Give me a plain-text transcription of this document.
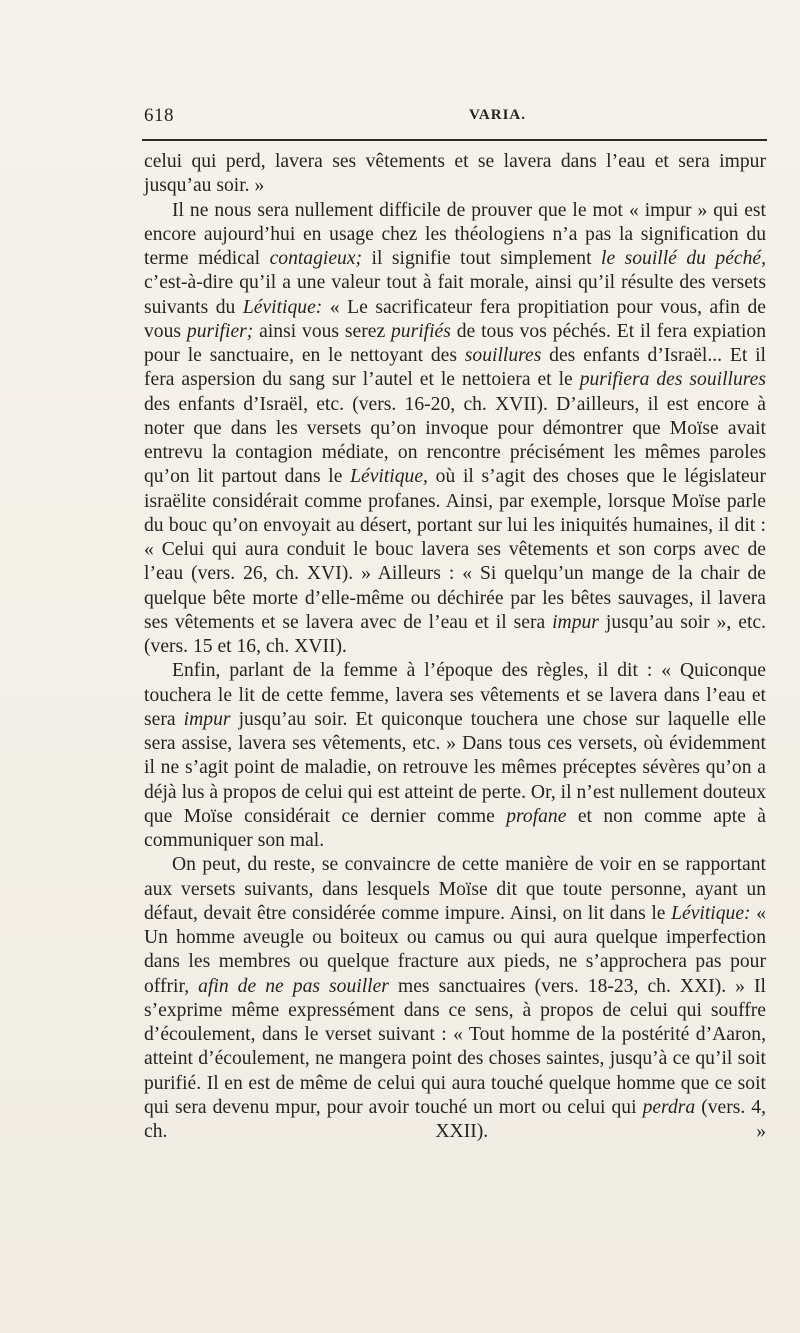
618	VARIA.

celui qui perd, lavera ses vêtements et se lavera dans l’eau et sera impur jusqu’au soir. »

Il ne nous sera nullement difficile de prouver que le mot « impur » qui est encore aujourd’hui en usage chez les théologiens n’a pas la signification du terme médical contagieux; il signifie tout simplement le souillé du péché, c’est-à-dire qu’il a une valeur tout à fait morale, ainsi qu’il résulte des versets suivants du Lévitique: « Le sacrificateur fera propitiation pour vous, afin de vous purifier; ainsi vous serez purifiés de tous vos péchés. Et il fera expiation pour le sanctuaire, en le nettoyant des souillures des enfants d’Israël... Et il fera aspersion du sang sur l’autel et le nettoiera et le purifiera des souillures des enfants d’Israël, etc. (vers. 16-20, ch. XVII). D’ailleurs, il est encore à noter que dans les versets qu’on invoque pour démontrer que Moïse avait entrevu la contagion médiate, on rencontre précisément les mêmes paroles qu’on lit partout dans le Lévitique, où il s’agit des choses que le législateur israëlite considérait comme profanes. Ainsi, par exemple, lorsque Moïse parle du bouc qu’on envoyait au désert, portant sur lui les iniquités humaines, il dit : « Celui qui aura conduit le bouc lavera ses vêtements et son corps avec de l’eau (vers. 26, ch. XVI). » Ailleurs : « Si quelqu’un mange de la chair de quelque bête morte d’elle-même ou déchirée par les bêtes sauvages, il lavera ses vêtements et se lavera avec de l’eau et il sera impur jusqu’au soir », etc. (vers. 15 et 16, ch. XVII).

Enfin, parlant de la femme à l’époque des règles, il dit : « Quiconque touchera le lit de cette femme, lavera ses vêtements et se lavera dans l’eau et sera impur jusqu’au soir. Et quiconque touchera une chose sur laquelle elle sera assise, lavera ses vêtements, etc. » Dans tous ces versets, où évidemment il ne s’agit point de maladie, on retrouve les mêmes préceptes sévères qu’on a déjà lus à propos de celui qui est atteint de perte. Or, il n’est nullement douteux que Moïse considérait ce dernier comme profane et non comme apte à communiquer son mal.

On peut, du reste, se convaincre de cette manière de voir en se rapportant aux versets suivants, dans lesquels Moïse dit que toute personne, ayant un défaut, devait être considérée comme impure. Ainsi, on lit dans le Lévitique: « Un homme aveugle ou boiteux ou camus ou qui aura quelque imperfection dans les membres ou quelque fracture aux pieds, ne s’approchera pas pour offrir, afin de ne pas souiller mes sanctuaires (vers. 18-23, ch. XXI). » Il s’exprime même expressément dans ce sens, à propos de celui qui souffre d’écoulement, dans le verset suivant : « Tout homme de la postérité d’Aaron, atteint d’écoulement, ne mangera point des choses saintes, jusqu’à ce qu’il soit purifié. Il en est de même de celui qui aura touché quelque homme que ce soit qui sera devenu mpur, pour avoir touché un mort ou celui qui perdra (vers. 4, ch. XXII). »
